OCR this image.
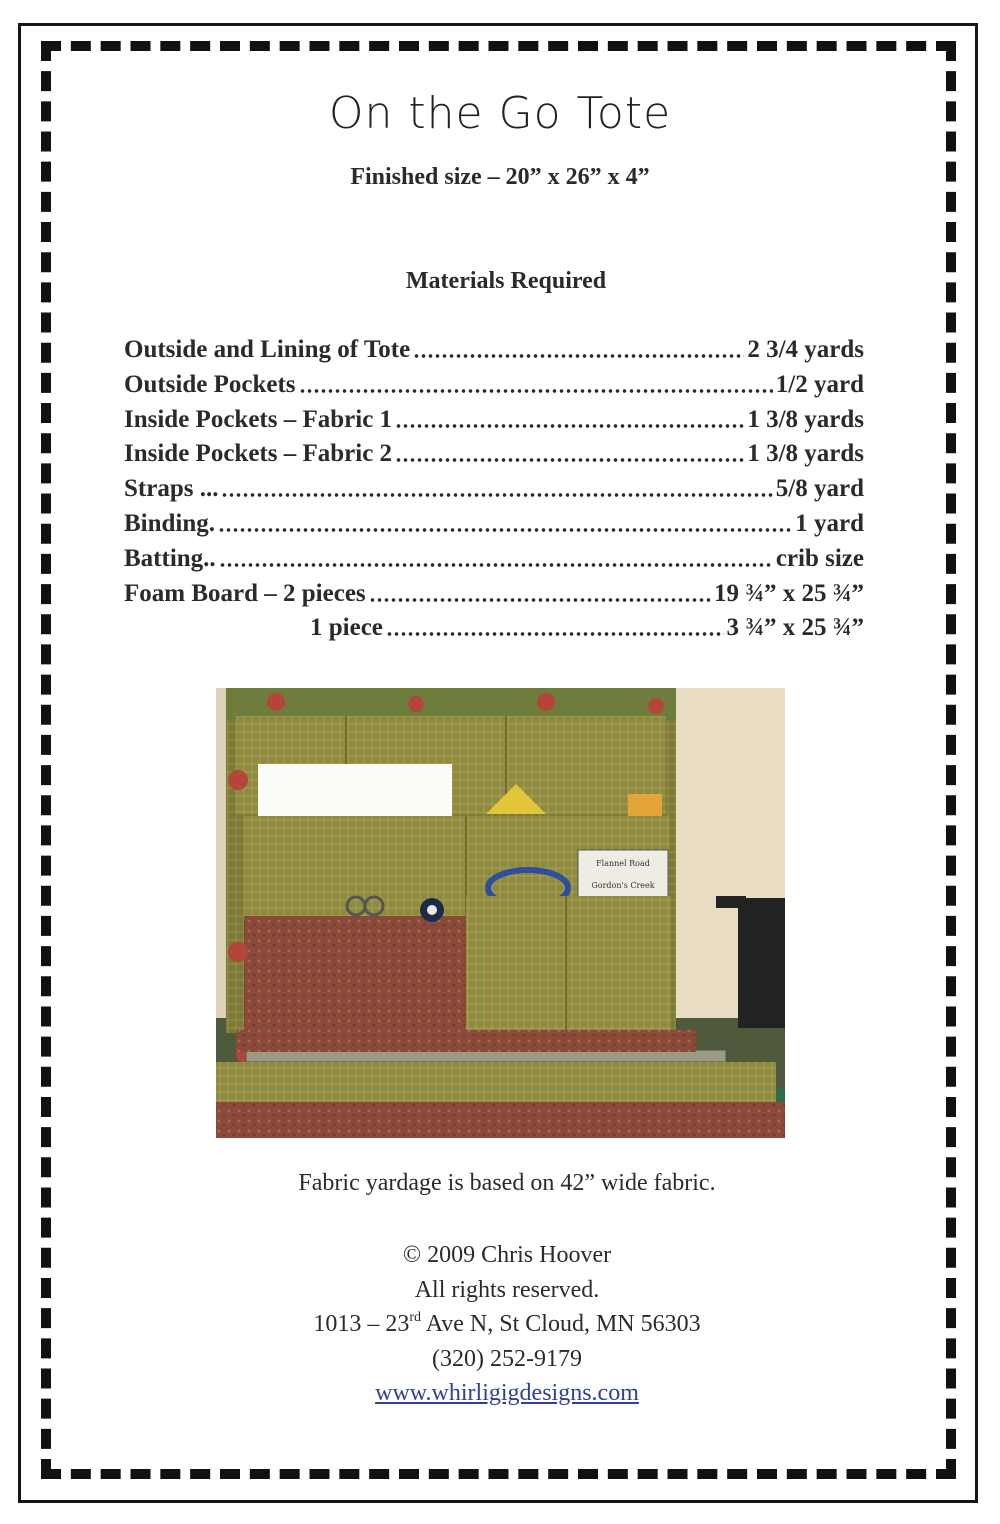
On the Go Tote
Finished size – 20” x 26” x 4”
Materials Required
Outside and Lining of Tote	2 3/4 yards
Outside Pockets	1/2 yard
Inside Pockets – Fabric 1	1 3/8 yards
Inside Pockets – Fabric 2	1 3/8 yards
Straps ...	5/8 yard
Binding.	1 yard
Batting..	crib size
Foam Board – 2 pieces	19 ¾” x 25 ¾”
1 piece	3 ¾” x 25 ¾”
Flannel Road
Gordon's Creek
Fabric yardage is based on 42” wide fabric.
© 2009 Chris Hoover
All rights reserved.
1013 – 23rd Ave N, St Cloud, MN 56303
(320) 252-9179
www.whirligigdesigns.com
